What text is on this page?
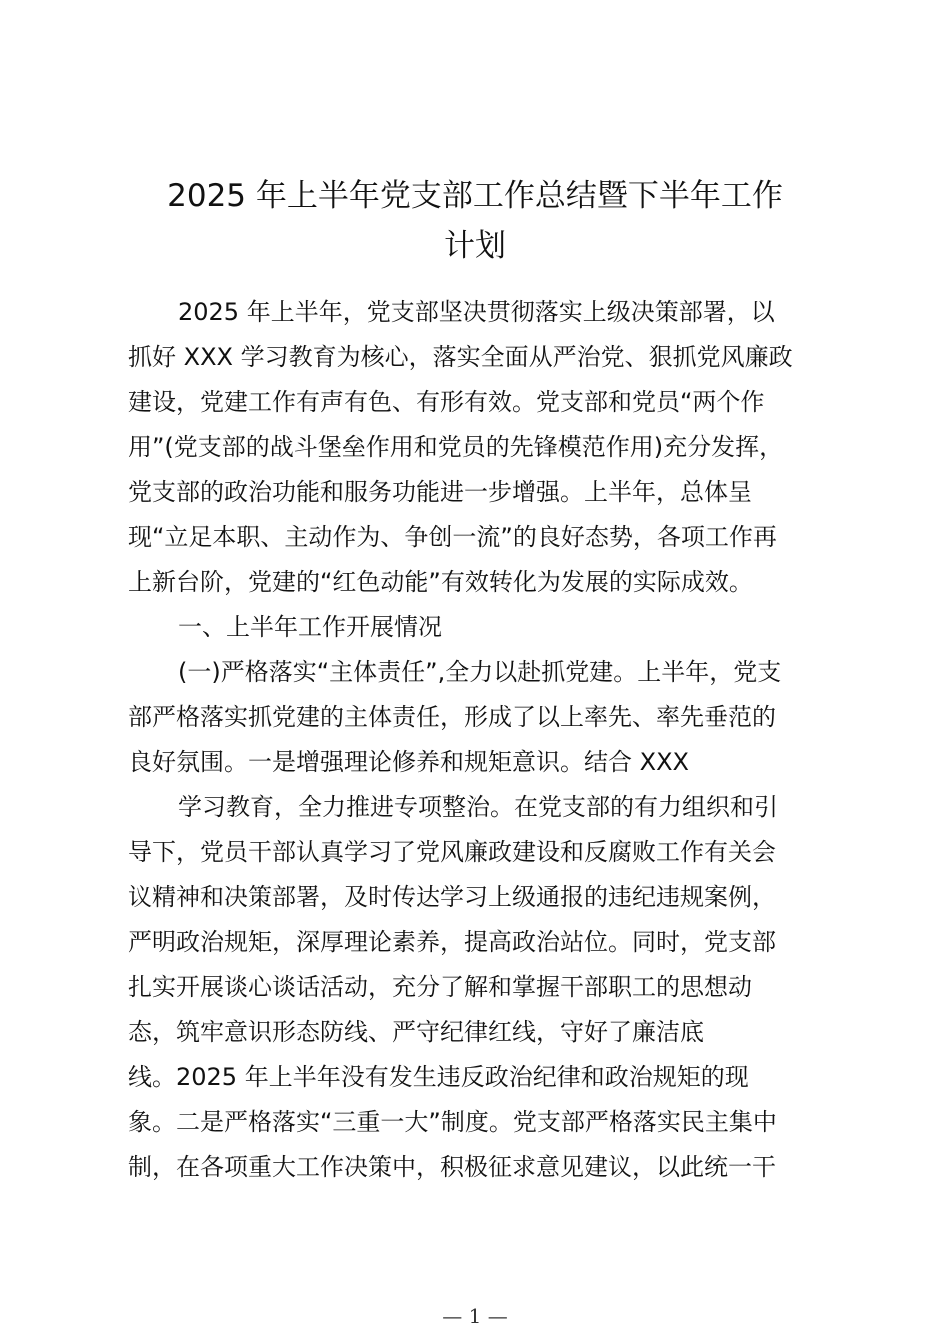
2025 年上半年党支部工作总结暨下半年工作
计划
2025 年上半年，党支部坚决贯彻落实上级决策部署，以
抓好 XXX 学习教育为核心，落实全面从严治党、狠抓党风廉政
建设，党建工作有声有色、有形有效。党支部和党员“两个作
用”(党支部的战斗堡垒作用和党员的先锋模范作用)充分发挥，
党支部的政治功能和服务功能进一步增强。上半年，总体呈
现“立足本职、主动作为、争创一流”的良好态势，各项工作再
上新台阶，党建的“红色动能”有效转化为发展的实际成效。
一、上半年工作开展情况
(一)严格落实“主体责任”,全力以赴抓党建。上半年，党支
部严格落实抓党建的主体责任，形成了以上率先、率先垂范的
良好氛围。一是增强理论修养和规矩意识。结合 XXX
学习教育，全力推进专项整治。在党支部的有力组织和引
导下，党员干部认真学习了党风廉政建设和反腐败工作有关会
议精神和决策部署，及时传达学习上级通报的违纪违规案例，
严明政治规矩，深厚理论素养，提高政治站位。同时，党支部
扎实开展谈心谈话活动，充分了解和掌握干部职工的思想动
态，筑牢意识形态防线、严守纪律红线，守好了廉洁底
线。2025 年上半年没有发生违反政治纪律和政治规矩的现
象。二是严格落实“三重一大”制度。党支部严格落实民主集中
制，在各项重大工作决策中，积极征求意见建议，以此统一干
— 1 —
